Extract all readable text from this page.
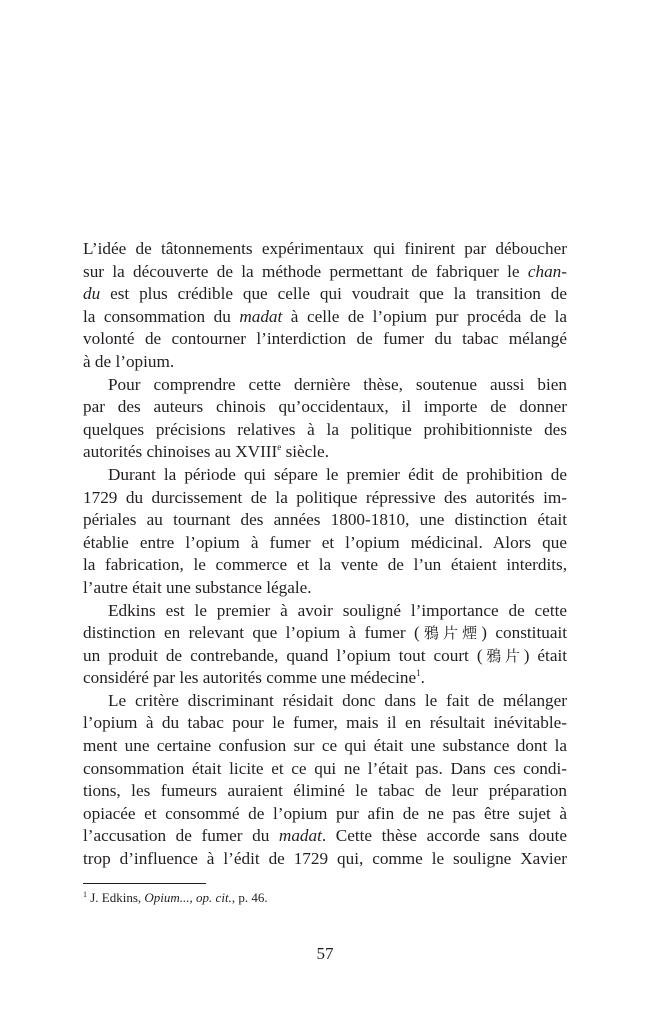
L’idée de tâtonnements expérimentaux qui finirent par déboucher
sur la découverte de la méthode permettant de fabriquer le chan-
du est plus crédible que celle qui voudrait que la transition de
la consommation du madat à celle de l’opium pur procéda de la
volonté de contourner l’interdiction de fumer du tabac mélangé
à de l’opium.
Pour comprendre cette dernière thèse, soutenue aussi bien
par des auteurs chinois qu’occidentaux, il importe de donner
quelques précisions relatives à la politique prohibitionniste des
autorités chinoises au XVIIIe siècle.
Durant la période qui sépare le premier édit de prohibition de
1729 du durcissement de la politique répressive des autorités im-
périales au tournant des années 1800-1810, une distinction était
établie entre l’opium à fumer et l’opium médicinal. Alors que
la fabrication, le commerce et la vente de l’un étaient interdits,
l’autre était une substance légale.
Edkins est le premier à avoir souligné l’importance de cette
distinction en relevant que l’opium à fumer (鴉片煙) constituait
un produit de contrebande, quand l’opium tout court (鴉片) était
considéré par les autorités comme une médecine$^1$.
Le critère discriminant résidait donc dans le fait de mélanger
l’opium à du tabac pour le fumer, mais il en résultait inévitable-
ment une certaine confusion sur ce qui était une substance dont la
consommation était licite et ce qui ne l’était pas. Dans ces condi-
tions, les fumeurs auraient éliminé le tabac de leur préparation
opiacée et consommé de l’opium pur afin de ne pas être sujet à
l’accusation de fumer du madat. Cette thèse accorde sans doute
trop d’influence à l’édit de 1729 qui, comme le souligne Xavier
$^1$ J. Edkins, Opium..., op. cit., p. 46.
57
